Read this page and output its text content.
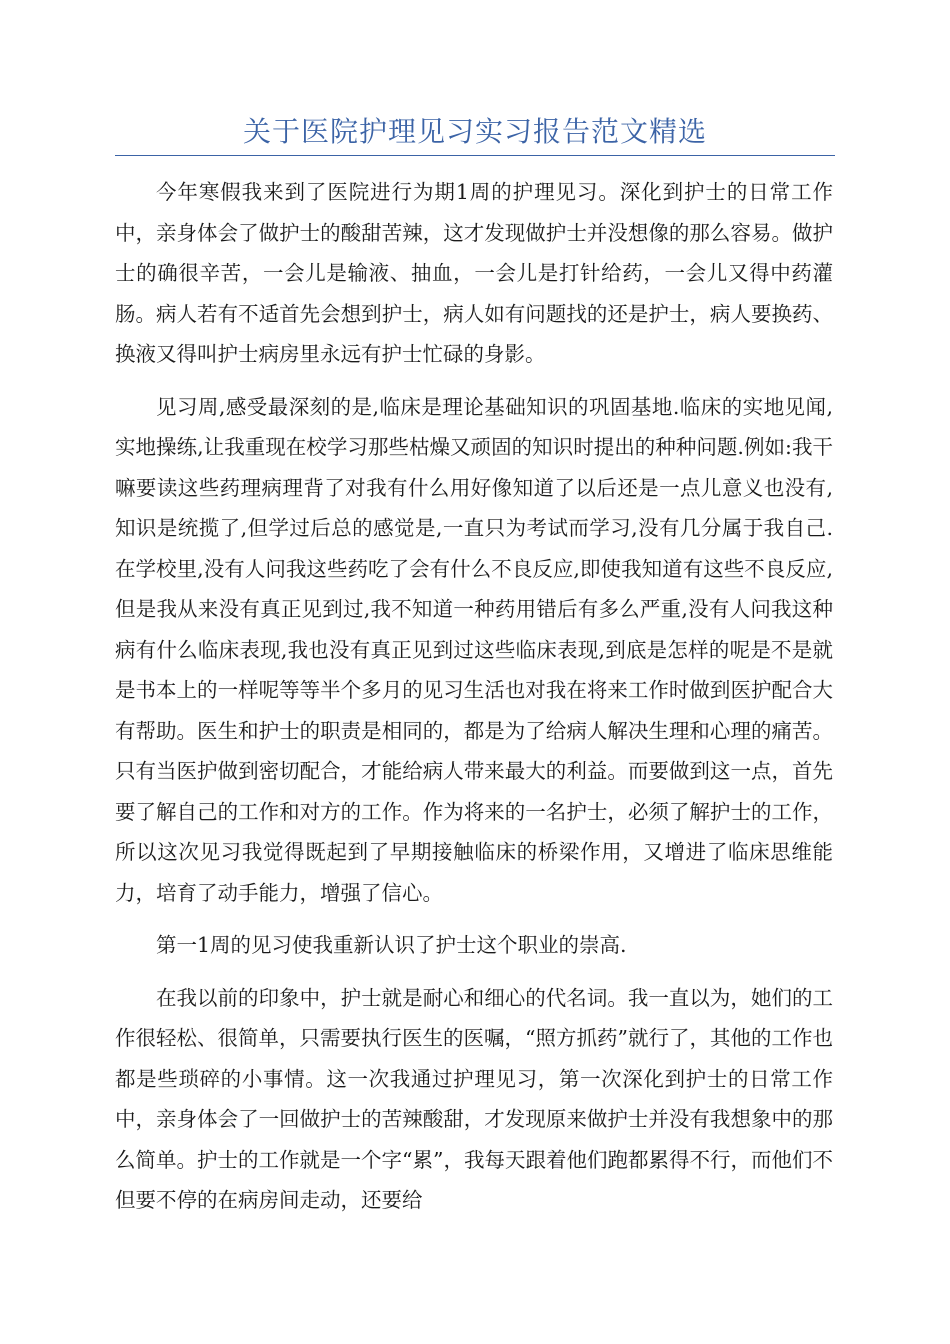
关于医院护理见习实习报告范文精选

今年寒假我来到了医院进行为期1周的护理见习。深化到护士的日常工作中，亲身体会了做护士的酸甜苦辣，这才发现做护士并没想像的那么容易。做护士的确很辛苦，一会儿是输液、抽血，一会儿是打针给药，一会儿又得中药灌肠。病人若有不适首先会想到护士，病人如有问题找的还是护士，病人要换药、换液又得叫护士病房里永远有护士忙碌的身影。

见习周,感受最深刻的是,临床是理论基础知识的巩固基地.临床的实地见闻,实地操练,让我重现在校学习那些枯燥又顽固的知识时提出的种种问题.例如:我干嘛要读这些药理病理背了对我有什么用好像知道了以后还是一点儿意义也没有,知识是统揽了,但学过后总的感觉是,一直只为考试而学习,没有几分属于我自己.在学校里,没有人问我这些药吃了会有什么不良反应,即使我知道有这些不良反应,但是我从来没有真正见到过,我不知道一种药用错后有多么严重,没有人问我这种病有什么临床表现,我也没有真正见到过这些临床表现,到底是怎样的呢是不是就是书本上的一样呢等等半个多月的见习生活也对我在将来工作时做到医护配合大有帮助。医生和护士的职责是相同的，都是为了给病人解决生理和心理的痛苦。只有当医护做到密切配合，才能给病人带来最大的利益。而要做到这一点，首先要了解自己的工作和对方的工作。作为将来的一名护士，必须了解护士的工作，所以这次见习我觉得既起到了早期接触临床的桥梁作用，又增进了临床思维能力，培育了动手能力，增强了信心。

第一1周的见习使我重新认识了护士这个职业的崇高.

在我以前的印象中，护士就是耐心和细心的代名词。我一直以为，她们的工作很轻松、很简单，只需要执行医生的医嘱，“照方抓药”就行了，其他的工作也都是些琐碎的小事情。这一次我通过护理见习，第一次深化到护士的日常工作中，亲身体会了一回做护士的苦辣酸甜，才发现原来做护士并没有我想象中的那么简单。护士的工作就是一个字“累”，我每天跟着他们跑都累得不行，而他们不但要不停的在病房间走动，还要给
